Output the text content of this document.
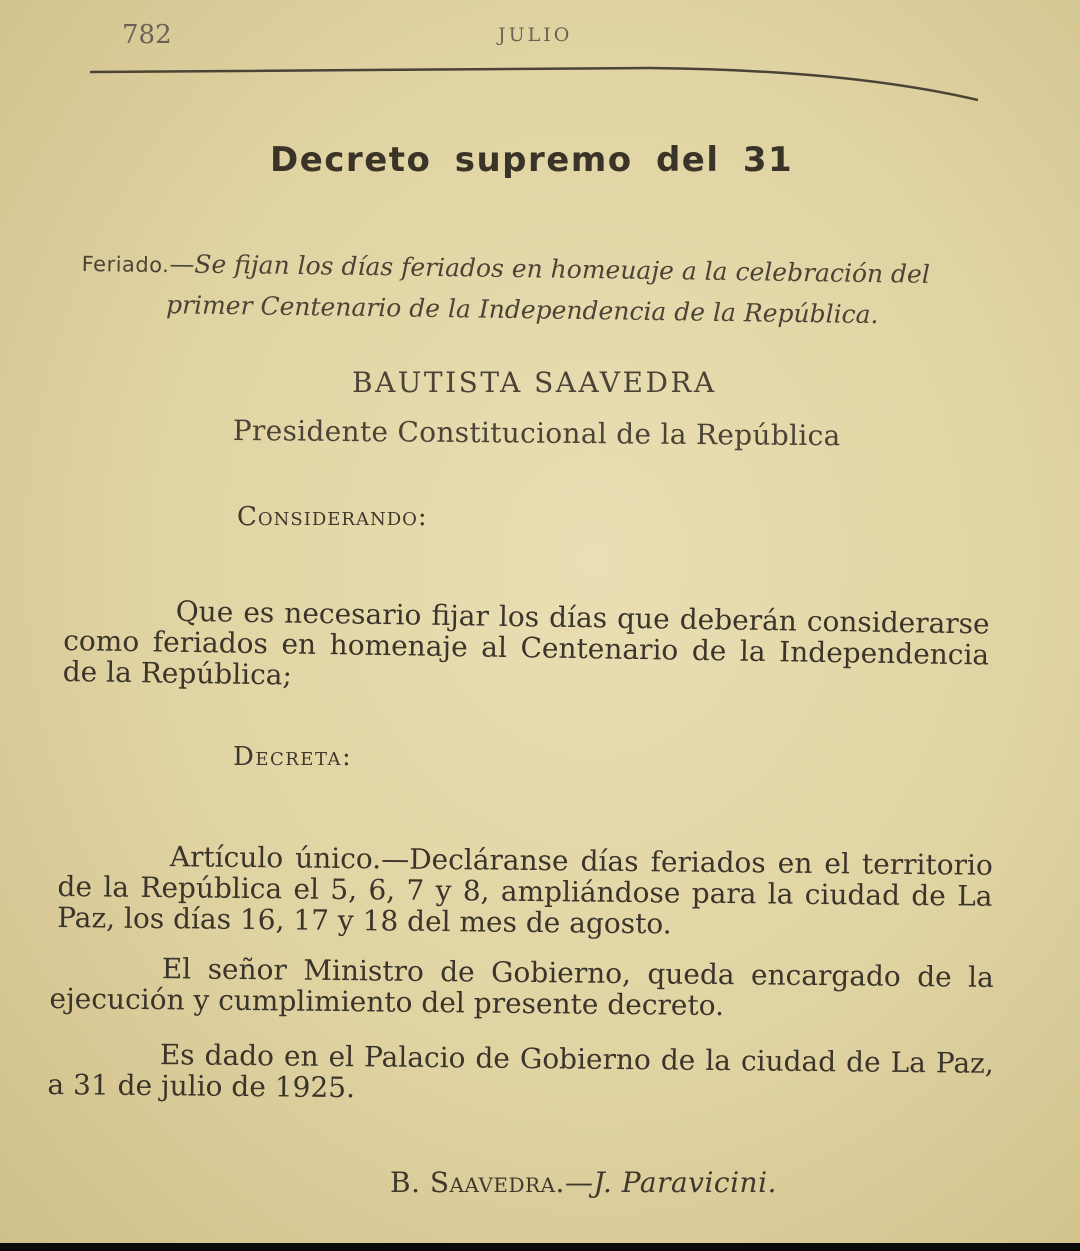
782	JULIO
Decreto supremo del 31
Feriado.—Se fijan los días feriados en homeuaje a la celebración del
primer Centenario de la Independencia de la República.
BAUTISTA SAAVEDRA
Presidente Constitucional de la República
Considerando:
Que es necesario fijar los días que deberán considerarse como feriados en homenaje al Centenario de la Independencia de la República;
Decreta:
Artículo único.—Decláranse días feriados en el territorio de la República el 5, 6, 7 y 8, ampliándose para la ciudad de La Paz, los días 16, 17 y 18 del mes de agosto.
El señor Ministro de Gobierno, queda encargado de la ejecución y cumplimiento del presente decreto.
Es dado en el Palacio de Gobierno de la ciudad de La Paz, a 31 de julio de 1925.
B. Saavedra.—J. Paravicini.
